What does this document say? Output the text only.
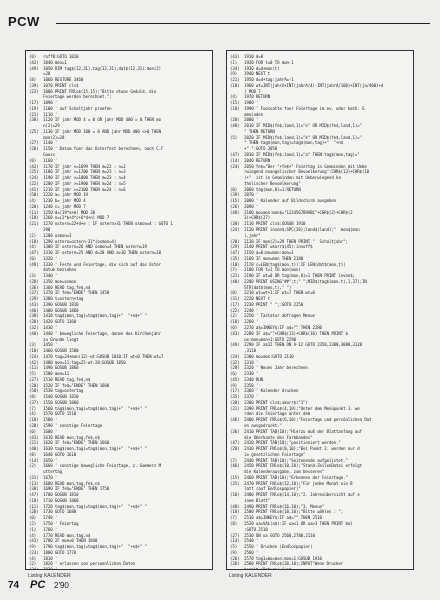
PCW
(0)   roffB:GOTO 1010
(43)  1040 mon=1
(49)  1050 DIM tag$(12,31),tag(12,31),dat$(12,31):mon(2)
=28
(8)   1060 RESTORE 3460
(39)  1070 PRINT cls$
(23)  1080 PRINT FNlo$(15,15);"Bitte etwas Geduld, die
Feiertage werden berechnet.";
(17)  1090 '
(19)  1100 ' auf Schaltjahr pruefen
(21)  1110 '
(38)  1120 IF jahr MOD 4 = 0 OR jahr MOD 400 = 0 THEN mo
n(2)=29
(25)  1130 IF jahr MOD 100 = 0 AND jahr MOD 400 <>0 THEN
mon(2)=28
(27)  1140 '
(20)  1150 ' Datum fuer das Osterfest berechnen, nach C.F
Gauss
(0)   1160 '
(43)  1170 IF jahr <=1699 THEN m=22 : n=2
(25)  1180 IF jahr >=1700 THEN m=23 : n=3
(24)  1190 IF jahr >=1800 THEN m=23 : n=4
(22)  1200 IF jahr >=1900 THEN m=24 : n=5
(41)  1210 IF jahr >=2100 THEN m=24 : n=6
(50)  1220 a= jahr MOD 19
(4)   1230 b= jahr MOD 4
(20)  1240 c= jahr MOD 7
(11)  1250 d=(19*a+m) MOD 30
(18)  1260 e=(2*b+4*c+6*d+n) MOD 7
(21)  1270 ostern=22+d+e : IF ostern>31 THEN osmon=4 : GOTO 1
290
(2)   1280 osmon=3
(18)  1290 ostern=ostern-31*(osmon=4)
(4)   1300 IF ostern=26 AND osmon=4 THEN ostern=19
(47)  1310 IF ostern=25 AND d=28 AND a>10 THEN ostern=18
(0)   1320 '
(49)  1330 ' Feste und Feiertage, die sich auf das Oster
datum beziehen
(3)   1340 '
(20)  1350 mon=osmon
(36)  1360 READ tag,fe$,n$
(37)  1370 IF fe$="ENDE" THEN 1450
(29)  1380 t=ostern+tag
(43)  1390 GOSUB 1810
(46)  1400 GOSUB 1860
(38)  1410 tag$(mon,tag)=tag$(mon,tag)+"  "+n$+" "
(20)  1420 GOTO 1360
(32)  1430 '
(40)  1440 ' bewegliche Feiertage, denen das Kirchenjahr
zu Grunde liegt
(3)   1450 '
(10)  1460 GOSUB 1500
(24)  1470 tag=24+mon(12)-wt:GOSUB 1810:IF wt<0 THEN wt=7
(42)  1480 mon=11:tag=25-wt-28:GOSUB 1850
(11)  1490 GOSUB 1860
(5)   1500 mon=11
(27)  1510 READ tag,fe$,n$
(20)  1520 IF fe$="ENDE" THEN 1600
(50)  1530 tag=ostertag
(8)   1540 GOSUB 1810
(37)  1550 GOSUB 1860
(7)   1560 tag$(mon,tag)=tag$(mon,tag)+"  "+n$+" "
(4)   1570 GOTO 1510
(10)  1580 '
(20)  1590 ' sonstige Feiertage
(0)   1600 '
(43)  1610 READ mon,tag,fe$,n$
(21)  1620 IF fe$="ENDE" THEN 1660
(40)  1630 tag$(mon,tag)=tag$(mon,tag)+"  "+n$+" "
(8)   1640 GOTO 1610
(14)  1650 '
(2)   1660 ' sonstige bewegliche Feiertage, z. Sommerz M
uttertag
(31)  1670 '
(13)  1680 READ mon,tag,fe$,n$
(38)  1690 IF fe$="ENDE" THEN 1750
(47)  1700 GOSUB 1810
(18)  1710 GOSUB 1860
(11)  1720 tag$(mon,tag)=tag$(mon,tag)+"  "+n$+" "
(20)  1730 GOTO 1680
(0)   1740 '
(2)   1750 ' Feiertag
(1)   1760 '
(4)   1770 READ mon,tag,n$
(43)  1780 IF mon=0 THEN 1840
(9)   1790 tag$(mon,tag)=tag$(mon,tag)+"  "+n$+" "
(23)  1800 GOTO 1770
(4)   1810 '
(2)   1820 ' erlassen von persoenlichen Daten
(34)  1830 '
(43)  1910 d=0
(1)   1920 FOR t=0 TO mon-1
(34)  1930 d=d+mon(t)
(9)   1940 NEXT t
(21)  1950 d=d+tag:jahrA=-1
(18)  1960 wt=INT(jahrA+INT(jahrA/4)-INT(jahrA/100)+INT(ja/400)+d
) MOD 7
(4)   1970 RETURN
(15)  1980 '
(18)  1990 ' Fuessatte fuer Feiertage im ev. oder kath. G
emeinden
(20)  2000 '
(48)  2010 IF MID$(fe$,land,1)="e" OR MID$(fe$,land,1)="
" THEN RETURN
(5)   2020 IF MID$(fe$,land,1)="k" OR MID$(fe$,land,1)="
" THEN tag$(mon,tag)=tag$(mon,tag)+"  "+n$
+" ":GOTO 2050
(47)  2030 IF MID$(fe$,land,1)="a" THEN tag$(mon,tag)="
(14)  2040 RETURN
(24)  2050 fe$="Der "+fe$+" Feiertag in Gemeinden mit Uebe
rwiegend evangelischer Bevoelkerung":CHR$(13)+CHR$(10
)+"  ist in Gemeinden mit Ueberwiegend ka
tholischer Bevoelkerung"
(0)   2060 tag(mon,0)=1:RETURN
(39)  2070 '
(15)  2080 ' Kalender auf Bildschirm ausgeben
(26)  2090 '
(48)  2100 mo=mon:mon$="123456789ABC"+CHR$(2)+CHR$(2
3)+CHR$(27)
(38)  2110 PRINT cls$:GOSUB 1910
(24)  2120 PRINT invon$;SPC(20);land$(land);"  mon$(mon
),jahr"
(20)  2130 IF mon(2)=29 THEN PRINT "  Schaltjahr";
(29)  2140 PRINT ukorr$(45):invoff$
(47)  2150 a=0:mo=mon:mon=1
(35)  2160 IF mon=mon THEN 2180
(10)  2170 c=LEN(tag$(mon,t)):IF LEN(dat$(mon,t))
(7)   2180 FOR t=1 TO mon(mon)
(21)  2190 IF wt=0 OR tag(mon,0)=1 THEN PRINT invon$;
(48)  2200 PRINT USING"##";t;" ";MID$(tag$(mon,t),1,37);IN
STR(dat$(mon,t)," ")
(0)   2210 wt=wt+1:IF wt=7 THEN wt=0
(31)  2220 NEXT t
(17)  2230 PRINT " ";:GOTO 2250
(22)  2240 '
(2)   2250 ' Tastatur abfragen Menue
(18)  2260 '
(0)   2270 a$=INKEY$:IF a$="" THEN 2280
(43)  2280 IF a$=""+CHR$(13)+CHR$(10) THEN PRINT b
ue:mon=mon+1:GOTO 2290
(49)  2290 IF a$12 THEN ON A-12 GOTO 2350,2380,3080,3120
,3110
(24)  2300 mo=mon:GOTO 2110
(32)  2310 '
(28)  2320 ' Neues Jahr berechnen
(6)   2330 '
(45)  2340 RUN
(9)   2350 '
(17)  2360 ' Kalender drucken
(35)  2370 '
(38)  2380 PRINT cls$;ukorr$("1")
(21)  2390 PRINT FNlo$(4,10);"Unter dem Menüpunkt 1. we
rden die Feiertage unter dem
(46)  2400 PRINT FNlo$(6,10);"Feiertage und persönlichen Dat
en ausgedruckt."
(36)  2410 PRINT TAB(10);"Hierzu muß der Blattanfang auf
die Oberkante des Farbbandes"
(47)  2420 PRINT TAB(10);"positioniert werden."
(20)  2430 PRINT FNlo$(8,10);"Bei Punkt 2. werden nur d
ie gesetzlichen Feiertage"
(7)   2440 PRINT TAB(10);"Seitenende aufgelistet."
(46)  2450 PRINT FNlo$(10,10);"Stand-ZeilenDatei erfolgt
die Kalenderausgabe, zum besseren"
(15)  2460 PRINT TAB(10);"Erkennen der Feiertage."
(25)  2470 PRINT FNlo$(12,10);"Für jeden Monat ein B
latt (auf Endlospapier)"
(10)  2480 PRINT FNlo$(14,10);"2. Jahresübersicht auf e
inem Blatt"
(48)  2490 PRINT FNlo$(16,10);"3. Menue"
(18)  2500 PRINT FNlo$(18,10);"Bitte wählen : ";
(7)   2510 a$=INKEY$:IF a$="" THEN 2510
(8)   2520 ua=VAL(a$):IF ua<1 OR ua>3 THEN PRINT bel
:GOTO 2510
(27)  2530 ON ua GOTO 2560,2780,2110
(14)  2540 '
(5)   2550 ' Drucken (Endlospapier)
(9)   2560 '
(26)  2570 tag1=mo=mon:mon=1:GOSUB 1910
(28)  2580 PRINT FNlo$(20,10);INPUT"Wenn Drucker
bereit (Return) ";a$
Listing KALENDER	Listing KALENDER
74 PC 2'90
